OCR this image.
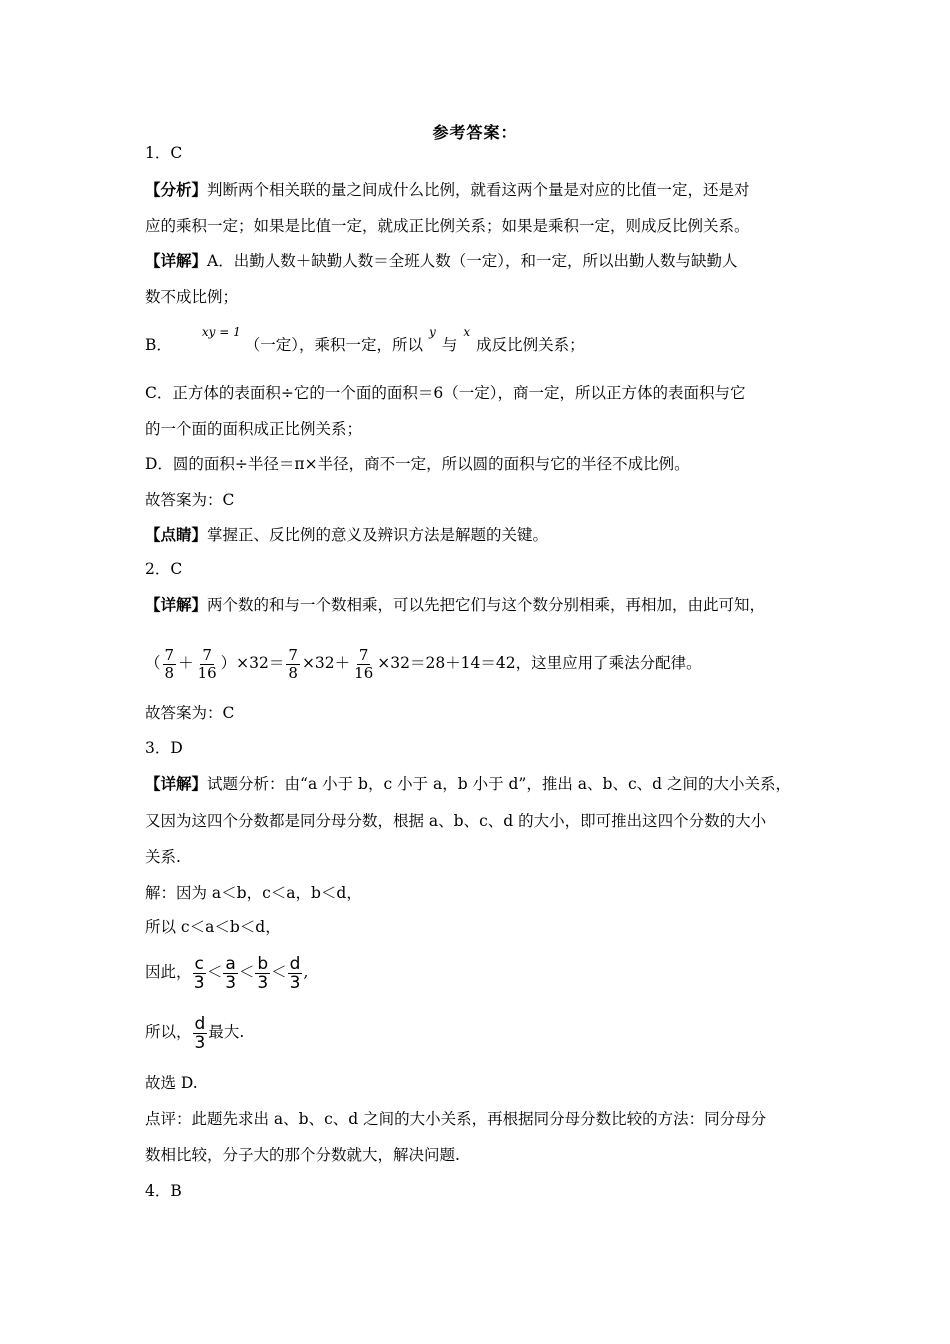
参考答案：
1．C
【分析】判断两个相关联的量之间成什么比例，就看这两个量是对应的比值一定，还是对
应的乘积一定；如果是比值一定，就成正比例关系；如果是乘积一定，则成反比例关系。
【详解】A．出勤人数＋缺勤人数＝全班人数（一定），和一定，所以出勤人数与缺勤人
数不成比例；
B．$^{xy = 1}$（一定），乘积一定，所以$^y$与$^x$成反比例关系；
C．正方体的表面积÷它的一个面的面积＝6（一定），商一定，所以正方体的表面积与它
的一个面的面积成正比例关系；
D．圆的面积÷半径＝π×半径，商不一定，所以圆的面积与它的半径不成比例。
故答案为：C
【点睛】掌握正、反比例的意义及辨识方法是解题的关键。
2．C
【详解】两个数的和与一个数相乘，可以先把它们与这个数分别相乘，再相加，由此可知，
（ $\frac{7}{8} + \frac{7}{16} )\times 32= \frac{7}{8} \times 32+ \frac{7}{16} \times 32=28+14=42$，这里应用了乘法分配律。
故答案为：C
3．D
【详解】试题分析：由“a 小于 b，c 小于 a，b 小于 d”，推出 a、b、c、d 之间的大小关系，
又因为这四个分数都是同分母分数，根据 a、b、c、d 的大小，即可推出这四个分数的大小
关系.
解：因为 a＜b，c＜a，b＜d，
所以 c＜a＜b＜d，
因此， $\frac{c}{3} < \frac{a}{3} < \frac{b}{3} < \frac{d}{3}$ ,
所以， $\frac{d}{3}$ 最大.
故选 D.
点评：此题先求出 a、b、c、d 之间的大小关系，再根据同分母分数比较的方法：同分母分
数相比较，分子大的那个分数就大，解决问题.
4．B
